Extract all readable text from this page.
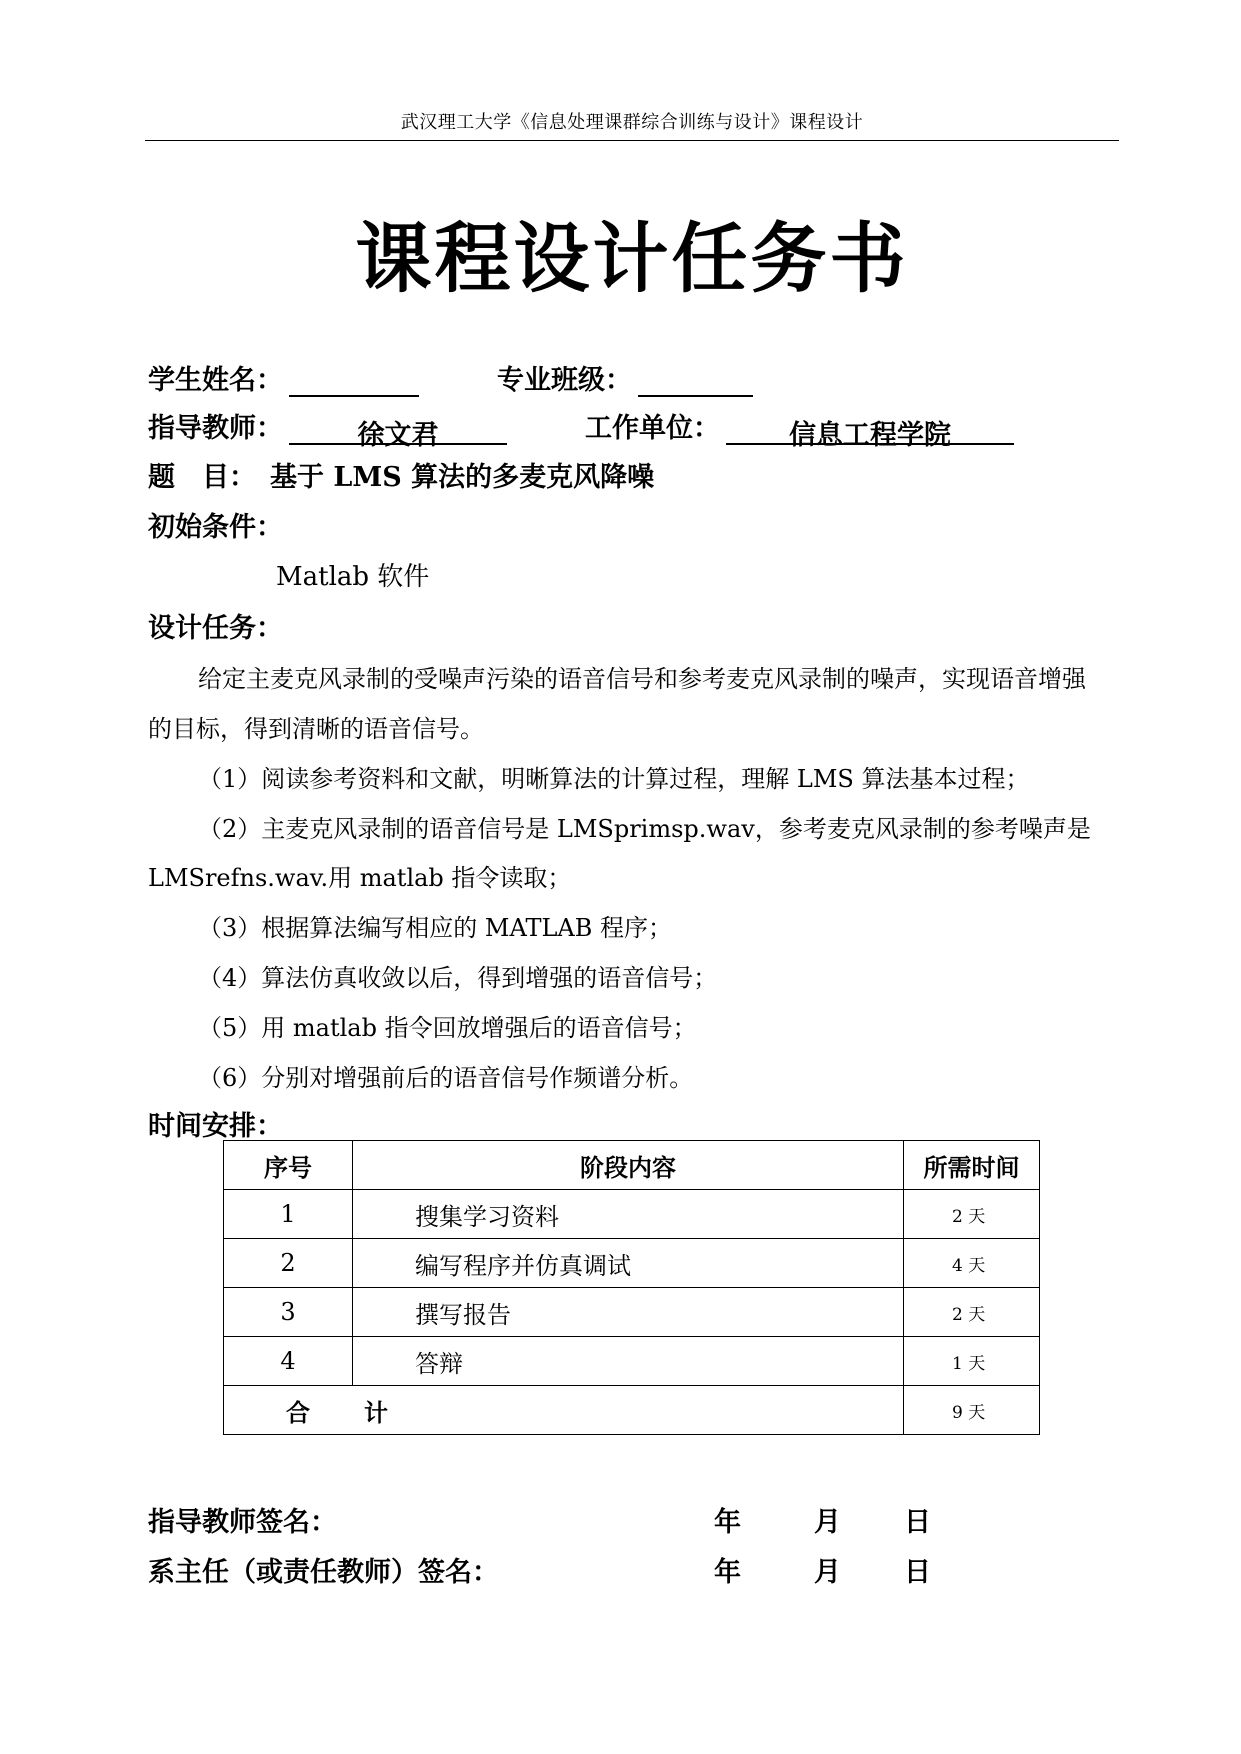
武汉理工大学《信息处理课群综合训练与设计》课程设计
课程设计任务书
学生姓名：	专业班级：
指导教师：	徐文君	工作单位：	信息工程学院
题　目： 基于 LMS 算法的多麦克风降噪
初始条件：
Matlab 软件
设计任务：
给定主麦克风录制的受噪声污染的语音信号和参考麦克风录制的噪声，实现语音增强
的目标，得到清晰的语音信号。
（1）阅读参考资料和文献，明晰算法的计算过程，理解 LMS 算法基本过程；
（2）主麦克风录制的语音信号是 LMSprimsp.wav，参考麦克风录制的参考噪声是
LMSrefns.wav.用 matlab 指令读取；
（3）根据算法编写相应的 MATLAB 程序；
（4）算法仿真收敛以后，得到增强的语音信号；
（5）用 matlab 指令回放增强后的语音信号；
（6）分别对增强前后的语音信号作频谱分析。
时间安排：
序号	阶段内容	所需时间
1	搜集学习资料	2 天
2	编写程序并仿真调试	4 天
3	撰写报告	2 天
4	答辩	1 天
合　　计		9 天
指导教师签名：	年	月 日
系主任（或责任教师）签名：	年	月 日
